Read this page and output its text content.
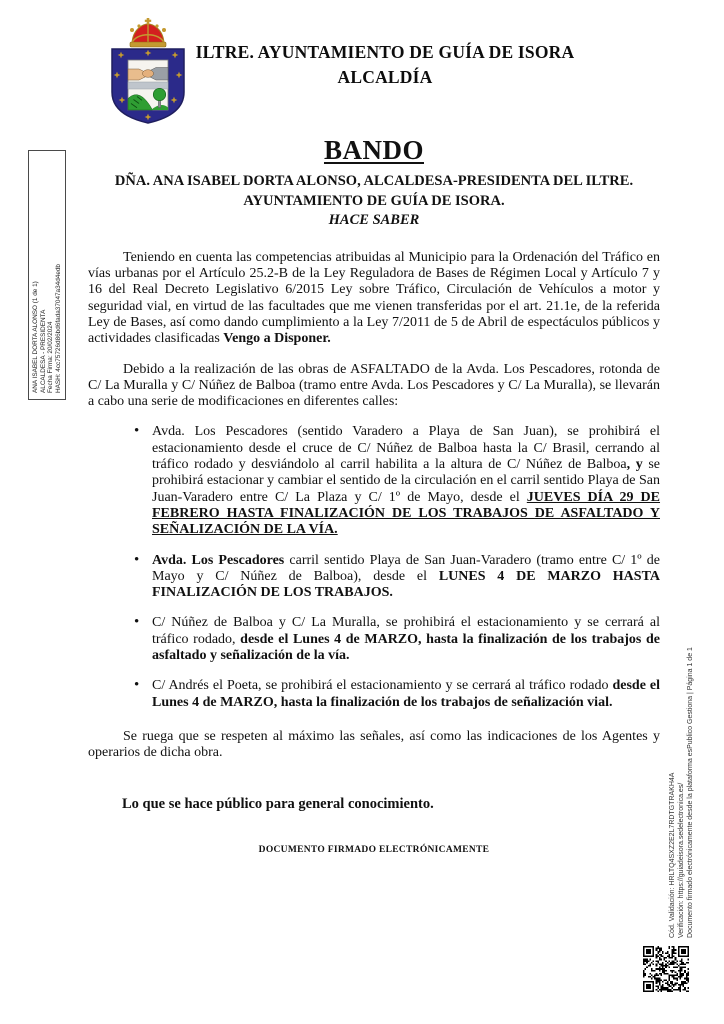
ILTRE. AYUNTAMIENTO DE GUÍA DE ISORA
ALCALDÍA
BANDO
DÑA. ANA ISABEL DORTA ALONSO, ALCALDESA-PRESIDENTA DEL ILTRE.
AYUNTAMIENTO DE GUÍA DE ISORA.
HACE SABER

Teniendo en cuenta las competencias atribuidas al Municipio para la Ordenación del Tráfico en vías urbanas por el Artículo 25.2-B de la Ley Reguladora de Bases de Régimen Local y Artículo 7 y 16 del Real Decreto Legislativo 6/2015 Ley sobre Tráfico, Circulación de Vehículos a motor y seguridad vial, en virtud de las facultades que me vienen transferidas por el art. 21.1e, de la referida Ley de Bases, así como dando cumplimiento a la Ley 7/2011 de 5 de Abril de espectáculos públicos y actividades clasificadas Vengo a Disponer.

Debido a la realización de las obras de ASFALTADO de la Avda. Los Pescadores, rotonda de C/ La Muralla y C/ Núñez de Balboa (tramo entre Avda. Los Pescadores y C/ La Muralla), se llevarán a cabo una serie de modificaciones en diferentes calles:

• Avda. Los Pescadores (sentido Varadero a Playa de San Juan), se prohibirá el estacionamiento desde el cruce de C/ Núñez de Balboa hasta la C/ Brasil, cerrando al tráfico rodado y desviándolo al carril habilita a la altura de C/ Núñez de Balboa, y se prohibirá estacionar y cambiar el sentido de la circulación en el carril sentido Playa de San Juan-Varadero entre C/ La Plaza y C/ 1º de Mayo, desde el JUEVES DÍA 29 DE FEBRERO HASTA FINALIZACIÓN DE LOS TRABAJOS DE ASFALTADO Y SEÑALIZACIÓN DE LA VÍA.
• Avda. Los Pescadores carril sentido Playa de San Juan-Varadero (tramo entre C/ 1º de Mayo y C/ Núñez de Balboa), desde el LUNES 4 DE MARZO HASTA FINALIZACIÓN DE LOS TRABAJOS.
• C/ Núñez de Balboa y C/ La Muralla, se prohibirá el estacionamiento y se cerrará al tráfico rodado, desde el Lunes 4 de MARZO, hasta la finalización de los trabajos de asfaltado y señalización de la vía.
• C/ Andrés el Poeta, se prohibirá el estacionamiento y se cerrará al tráfico rodado desde el Lunes 4 de MARZO, hasta la finalización de los trabajos de señalización vial.

Se ruega que se respeten al máximo las señales, así como las indicaciones de los Agentes y operarios de dicha obra.

Lo que se hace público para general conocimiento.

DOCUMENTO FIRMADO ELECTRÓNICAMENTE

ANA ISABEL DORTA ALONSO (1 de 1) ALCALDESA - PRESIDENTA Fecha Firma: 20/02/2024 HASH: 4cc75726d86bd6fada37047a34d4edb
Cód. Validación: HRLTQ4SXZ2E2L7RDTGTRAKH4A Verificación: https://guiadeisora.sedelectronica.es/ Documento firmado electrónicamente desde la plataforma esPublico Gestiona | Página 1 de 1
